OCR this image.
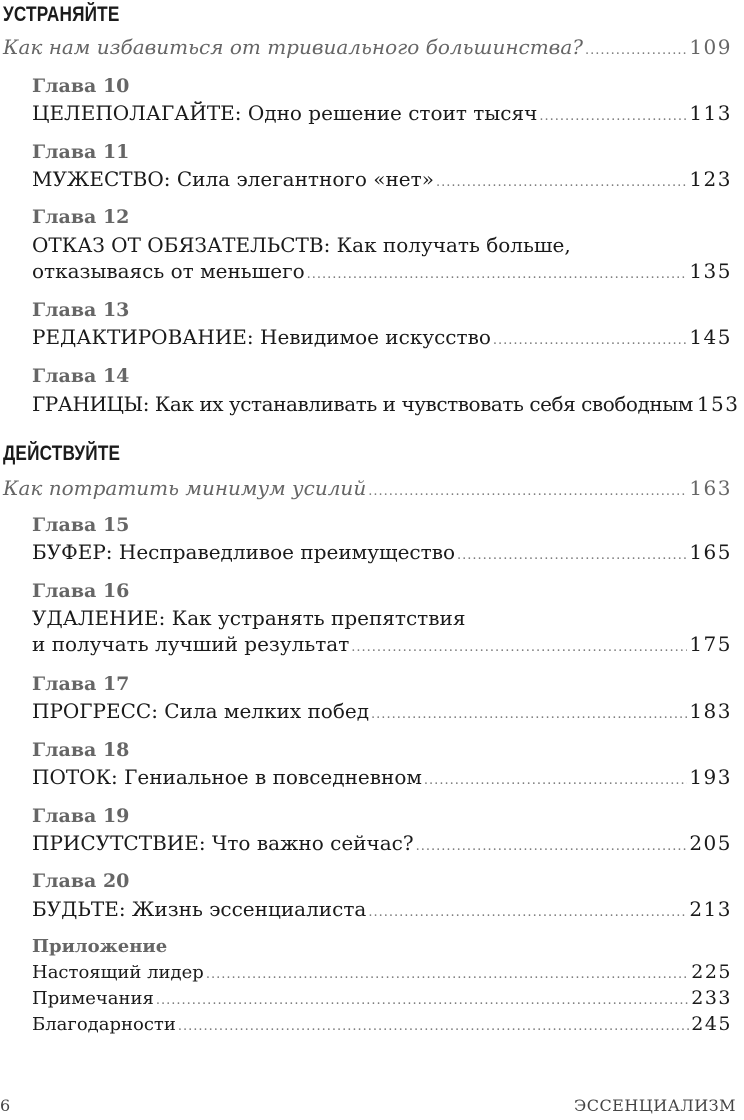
УСТРАНЯЙТЕ
Как нам избавиться от тривиального большинства? .....	109
Глава 10
ЦЕЛЕПОЛАГАЙТЕ: Одно решение стоит тысяч .....	113
Глава 11
МУЖЕСТВО: Сила элегантного «нет» .....	123
Глава 12
ОТКАЗ ОТ ОБЯЗАТЕЛЬСТВ: Как получать больше,
отказываясь от меньшего .....	135
Глава 13
РЕДАКТИРОВАНИЕ: Невидимое искусство .....	145
Глава 14
ГРАНИЦЫ: Как их устанавливать и чувствовать себя свободным 153
ДЕЙСТВУЙТЕ
Как потратить минимум усилий .....	163
Глава 15
БУФЕР: Несправедливое преимущество .....	165
Глава 16
УДАЛЕНИЕ: Как устранять препятствия
и получать лучший результат .....	175
Глава 17
ПРОГРЕСС: Сила мелких побед .....	183
Глава 18
ПОТОК: Гениальное в повседневном .....	193
Глава 19
ПРИСУТСТВИЕ: Что важно сейчас? .....	205
Глава 20
БУДЬТЕ: Жизнь эссенциалиста .....	213
Приложение
Настоящий лидер .....	225
Примечания .....	233
Благодарности .....	245
6	ЭССЕНЦИАЛИЗМ
